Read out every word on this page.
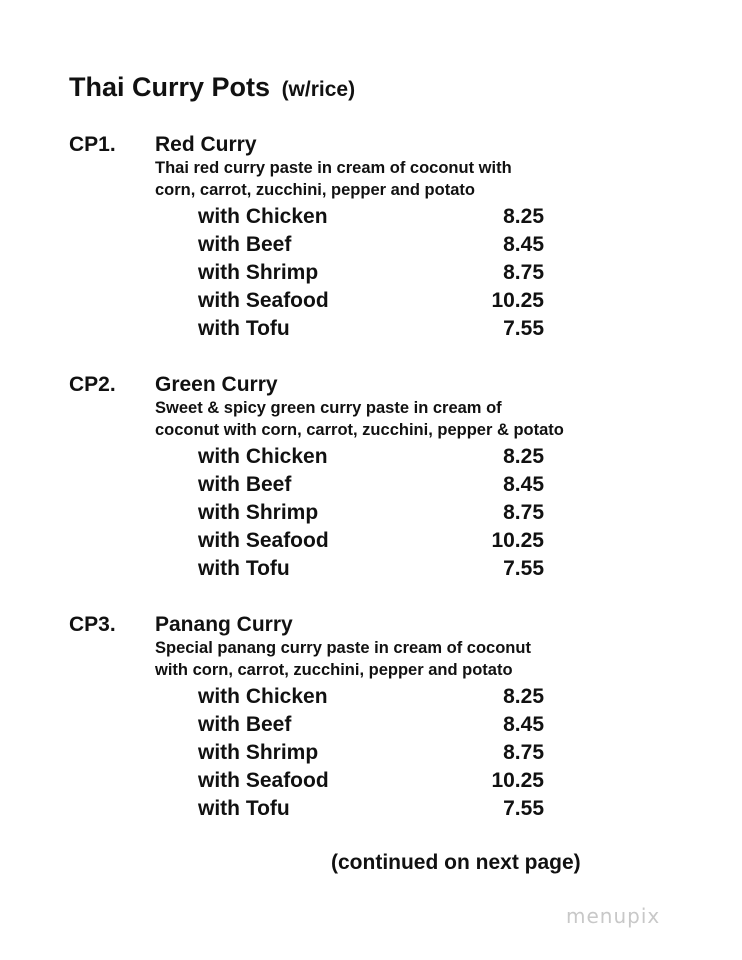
Thai Curry Pots (w/rice)
CP1. Red Curry
Thai red curry paste in cream of coconut with
corn, carrot, zucchini, pepper and potato
with Chicken	8.25
with Beef	8.45
with Shrimp	8.75
with Seafood	10.25
with Tofu	7.55
CP2. Green Curry
Sweet & spicy green curry paste in cream of
coconut with corn, carrot, zucchini, pepper & potato
with Chicken	8.25
with Beef	8.45
with Shrimp	8.75
with Seafood	10.25
with Tofu	7.55
CP3. Panang Curry
Special panang curry paste in cream of coconut
with corn, carrot, zucchini, pepper and potato
with Chicken	8.25
with Beef	8.45
with Shrimp	8.75
with Seafood	10.25
with Tofu	7.55
(continued on next page)
menupix
